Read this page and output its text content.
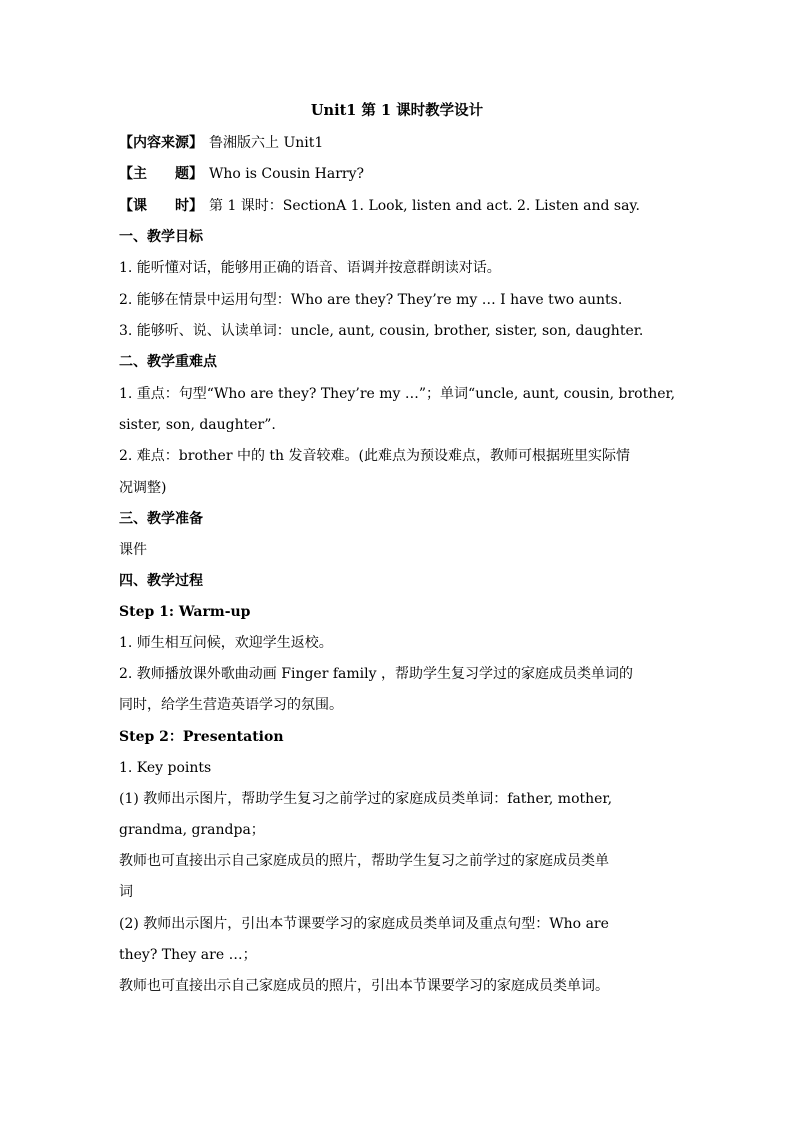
Unit1 第 1 课时教学设计
【内容来源】 鲁湘版六上 Unit1
【主　　题】 Who is Cousin Harry?
【课　　时】 第 1 课时：SectionA 1. Look, listen and act. 2. Listen and say.
一、教学目标
1. 能听懂对话，能够用正确的语音、语调并按意群朗读对话。
2. 能够在情景中运用句型：Who are they? They’re my … I have two aunts.
3. 能够听、说、认读单词：uncle, aunt, cousin, brother, sister, son, daughter.
二、教学重难点
1. 重点：句型“Who are they? They’re my …”；单词“uncle, aunt, cousin, brother,
sister, son, daughter”.
2. 难点：brother 中的 th 发音较难。(此难点为预设难点，教师可根据班里实际情
况调整)
三、教学准备
课件
四、教学过程
Step 1: Warm-up
1. 师生相互问候，欢迎学生返校。
2. 教师播放课外歌曲动画 Finger family ，帮助学生复习学过的家庭成员类单词的
同时，给学生营造英语学习的氛围。
Step 2：Presentation
1. Key points
(1) 教师出示图片，帮助学生复习之前学过的家庭成员类单词：father, mother,
grandma, grandpa；
教师也可直接出示自己家庭成员的照片，帮助学生复习之前学过的家庭成员类单
词
(2) 教师出示图片，引出本节课要学习的家庭成员类单词及重点句型：Who are
they? They are …；
教师也可直接出示自己家庭成员的照片，引出本节课要学习的家庭成员类单词。
